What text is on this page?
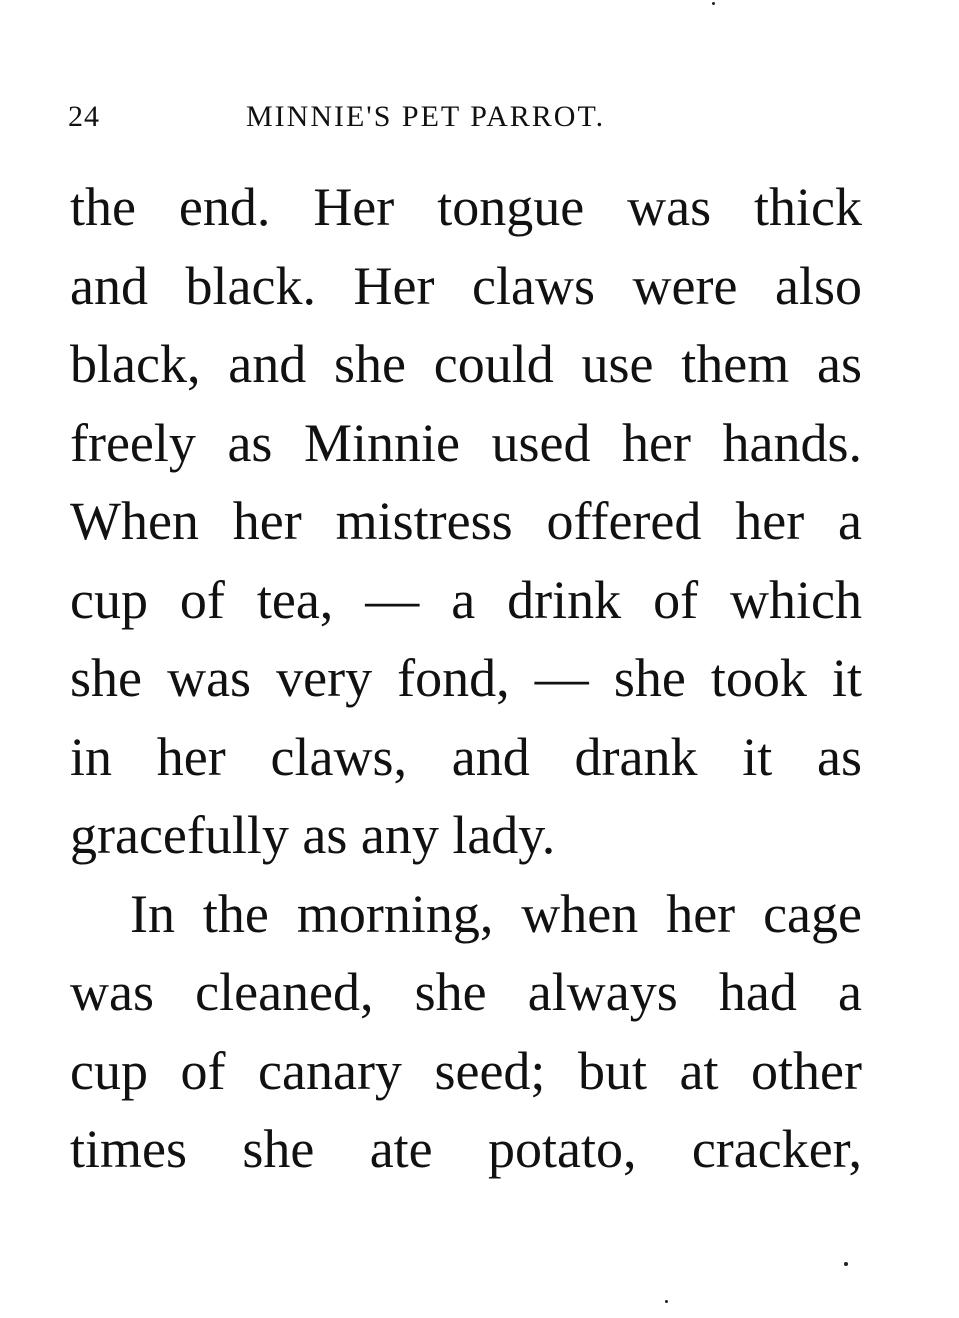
24	MINNIE'S PET PARROT.
the end. Her tongue was thick
and black. Her claws were also
black, and she could use them as
freely as Minnie used her hands.
When her mistress offered her a
cup of tea, — a drink of which
she was very fond, — she took it
in her claws, and drank it as
gracefully as any lady.
In the morning, when her cage
was cleaned, she always had a
cup of canary seed; but at other
times she ate potato, cracker,
